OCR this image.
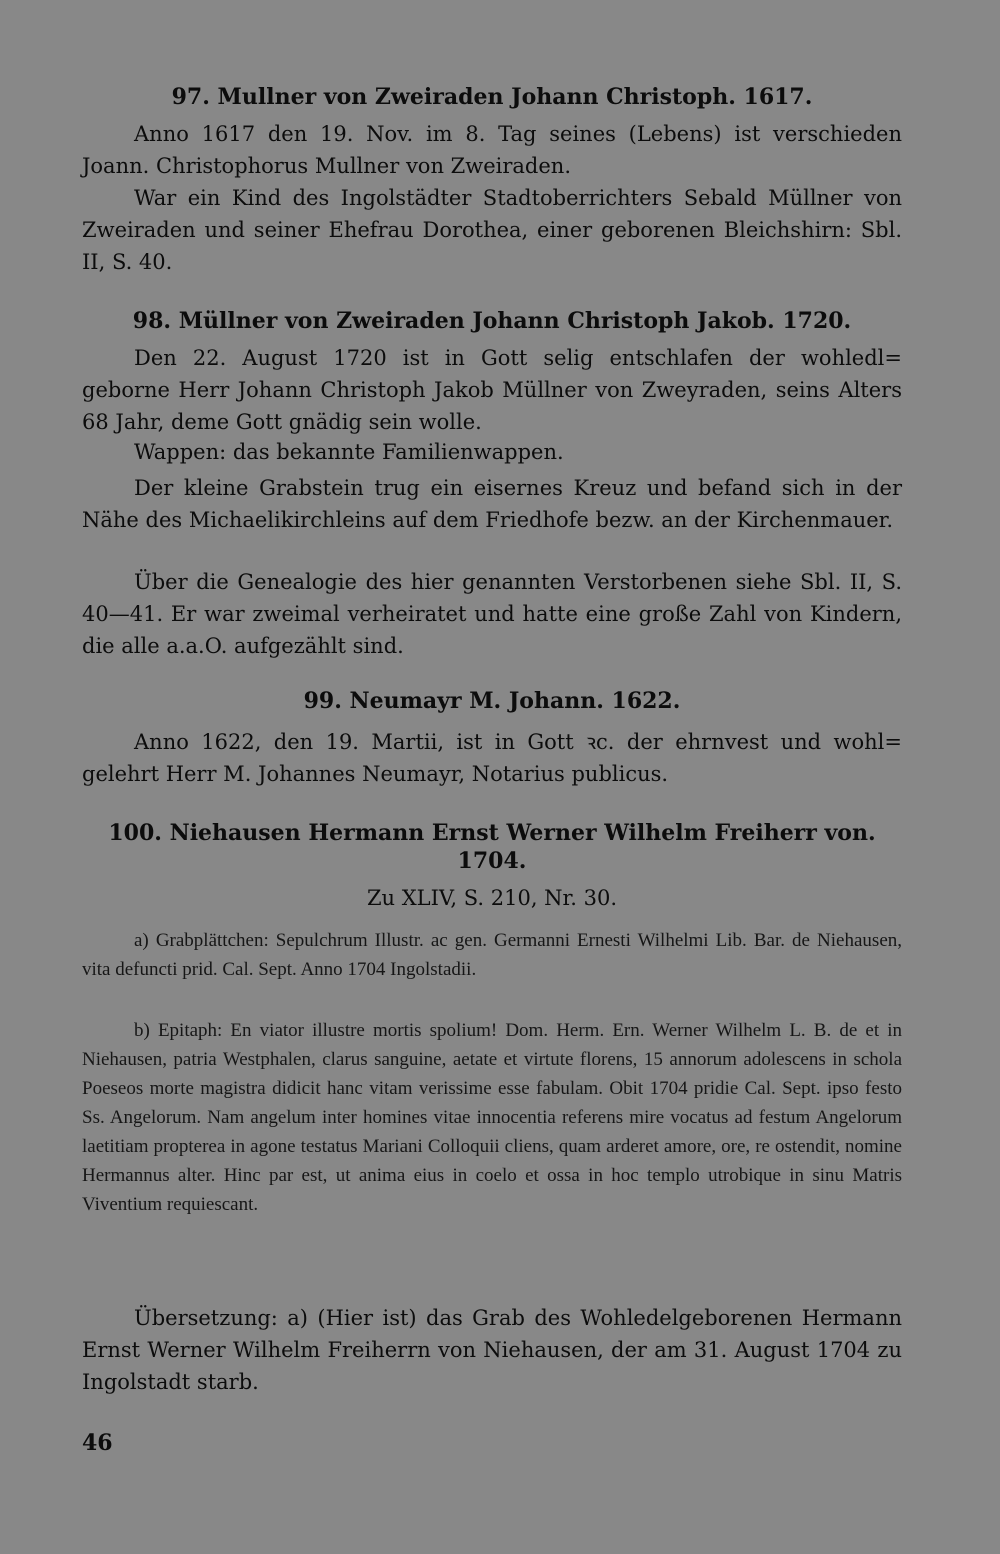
97. Mullner von Zweiraden Johann Christoph. 1617.

Anno 1617 den 19. Nov. im 8. Tag seines (Lebens) ist verschieden Joann. Christophorus Mullner von Zweiraden.

War ein Kind des Ingolstädter Stadtoberrichters Sebald Müllner von Zweiraden und seiner Ehefrau Dorothea, einer geborenen Bleichshirn: Sbl. II, S. 40.

98. Müllner von Zweiraden Johann Christoph Jakob. 1720.

Den 22. August 1720 ist in Gott selig entschlafen der wohledl= geborne Herr Johann Christoph Jakob Müllner von Zweyraden, seins Alters 68 Jahr, deme Gott gnädig sein wolle.

Wappen: das bekannte Familienwappen.

Der kleine Grabstein trug ein eisernes Kreuz und befand sich in der Nähe des Michaelikirchleins auf dem Friedhofe bezw. an der Kirchenmauer.

Über die Genealogie des hier genannten Verstorbenen siehe Sbl. II, S. 40—41. Er war zweimal verheiratet und hatte eine große Zahl von Kindern, die alle a.a.O. aufgezählt sind.

99. Neumayr M. Johann. 1622.

Anno 1622, den 19. Martii, ist in Gott ꝛc. der ehrnvest und wohl= gelehrt Herr M. Johannes Neumayr, Notarius publicus.

100. Niehausen Hermann Ernst Werner Wilhelm Freiherr von.
1704.
Zu XLIV, S. 210, Nr. 30.

a) Grabplättchen: Sepulchrum Illustr. ac gen. Germanni Ernesti Wilhelmi Lib. Bar. de Niehausen, vita defuncti prid. Cal. Sept. Anno 1704 Ingolstadii.

b) Epitaph: En viator illustre mortis spolium! Dom. Herm. Ern. Werner Wilhelm L. B. de et in Niehausen, patria Westphalen, clarus sanguine, aetate et virtute florens, 15 annorum adolescens in schola Poeseos morte magistra didicit hanc vitam verissime esse fabulam. Obit 1704 pridie Cal. Sept. ipso festo Ss. Angelorum. Nam angelum inter homines vitae innocentia referens mire vocatus ad festum Angelorum laetitiam propterea in agone testatus Mariani Colloquii cliens, quam arderet amore, ore, re ostendit, nomine Hermannus alter. Hinc par est, ut anima eius in coelo et ossa in hoc templo utrobique in sinu Matris Viventium requiescant.

Übersetzung: a) (Hier ist) das Grab des Wohledelgeborenen Hermann Ernst Werner Wilhelm Freiherrn von Niehausen, der am 31. August 1704 zu Ingolstadt starb.

46
